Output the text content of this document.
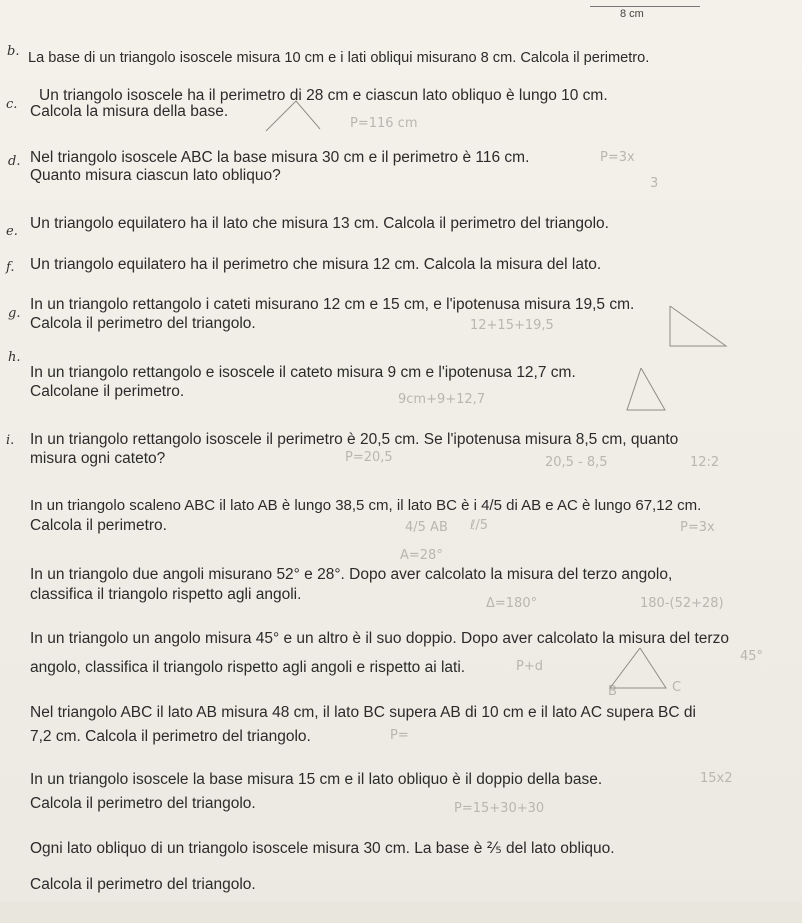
8 cm
b.
c.
d.
e.
f.
g.
h.
i.
La base di un triangolo isoscele misura 10 cm e i lati obliqui misurano 8 cm. Calcola il perimetro.
Un triangolo isoscele ha il perimetro di 28 cm e ciascun lato obliquo è lungo 10 cm.
Calcola la misura della base.
Nel triangolo isoscele ABC la base misura 30 cm e il perimetro è 116 cm.
Quanto misura ciascun lato obliquo?
Un triangolo equilatero ha il lato che misura 13 cm. Calcola il perimetro del triangolo.
Un triangolo equilatero ha il perimetro che misura 12 cm. Calcola la misura del lato.
In un triangolo rettangolo i cateti misurano 12 cm e 15 cm, e l'ipotenusa misura 19,5 cm.
Calcola il perimetro del triangolo.
In un triangolo rettangolo e isoscele il cateto misura 9 cm e l'ipotenusa 12,7 cm.
Calcolane il perimetro.
In un triangolo rettangolo isoscele il perimetro è 20,5 cm. Se l'ipotenusa misura 8,5 cm, quanto
misura ogni cateto?
In un triangolo scaleno ABC il lato AB è lungo 38,5 cm, il lato BC è i 4/5 di AB e AC è lungo 67,12 cm.
Calcola il perimetro.
In un triangolo due angoli misurano 52° e 28°. Dopo aver calcolato la misura del terzo angolo,
classifica il triangolo rispetto agli angoli.
In un triangolo un angolo misura 45° e un altro è il suo doppio. Dopo aver calcolato la misura del terzo
angolo, classifica il triangolo rispetto agli angoli e rispetto ai lati.
Nel triangolo ABC il lato AB misura 48 cm, il lato BC supera AB di 10 cm e il lato AC supera BC di
7,2 cm. Calcola il perimetro del triangolo.
In un triangolo isoscele la base misura 15 cm e il lato obliquo è il doppio della base.
Calcola il perimetro del triangolo.
Ogni lato obliquo di un triangolo isoscele misura 30 cm. La base è ⅖ del lato obliquo.
Calcola il perimetro del triangolo.
P=116 cm
3
P=3x
12+15+19,5
9cm+9+12,7
P=20,5	20,5 - 8,5	12:2
ℓ/5
4/5 AB	P=3x
A=28°
Δ=180°	180-(52+28)
P+d
45°
P=15+30+30
15x2
P=
B	C
